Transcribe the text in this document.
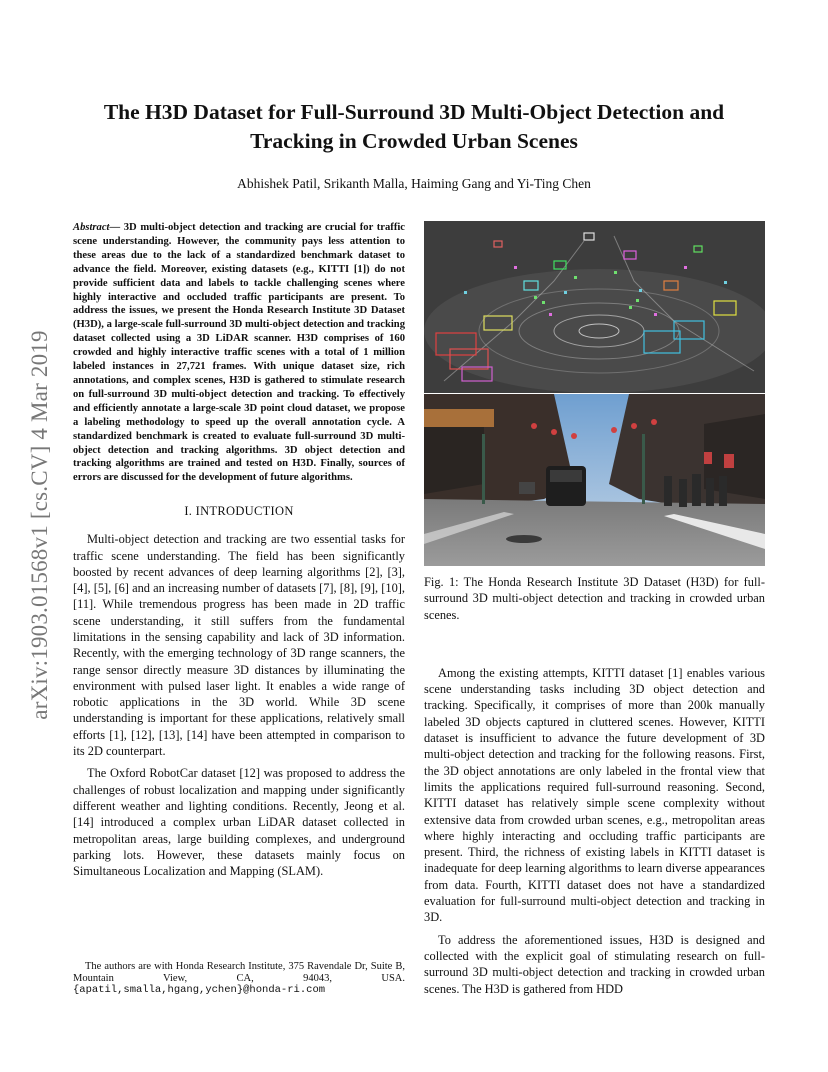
arXiv:1903.01568v1 [cs.CV] 4 Mar 2019
The H3D Dataset for Full-Surround 3D Multi-Object Detection and Tracking in Crowded Urban Scenes
Abhishek Patil, Srikanth Malla, Haiming Gang and Yi-Ting Chen

Abstract— 3D multi-object detection and tracking are crucial for traffic scene understanding. However, the community pays less attention to these areas due to the lack of a standardized benchmark dataset to advance the field. Moreover, existing datasets (e.g., KITTI [1]) do not provide sufficient data and labels to tackle challenging scenes where highly interactive and occluded traffic participants are present. To address the issues, we present the Honda Research Institute 3D Dataset (H3D), a large-scale full-surround 3D multi-object detection and tracking dataset collected using a 3D LiDAR scanner. H3D comprises of 160 crowded and highly interactive traffic scenes with a total of 1 million labeled instances in 27,721 frames. With unique dataset size, rich annotations, and complex scenes, H3D is gathered to stimulate research on full-surround 3D multi-object detection and tracking. To effectively and efficiently annotate a large-scale 3D point cloud dataset, we propose a labeling methodology to speed up the overall annotation cycle. A standardized benchmark is created to evaluate full-surround 3D multi-object detection and tracking algorithms. 3D object detection and tracking algorithms are trained and tested on H3D. Finally, sources of errors are discussed for the development of future algorithms.

I. INTRODUCTION

Multi-object detection and tracking are two essential tasks for traffic scene understanding. The field has been significantly boosted by recent advances of deep learning algorithms [2], [3], [4], [5], [6] and an increasing number of datasets [7], [8], [9], [10], [11]. While tremendous progress has been made in 2D traffic scene understanding, it still suffers from the fundamental limitations in the sensing capability and lack of 3D information. Recently, with the emerging technology of 3D range scanners, the range sensor directly measure 3D distances by illuminating the environment with pulsed laser light. It enables a wide range of robotic applications in the 3D world. While 3D scene understanding is important for these applications, relatively small efforts [1], [12], [13], [14] have been attempted in comparison to its 2D counterpart.

The Oxford RobotCar dataset [12] was proposed to address the challenges of robust localization and mapping under significantly different weather and lighting conditions. Recently, Jeong et al. [14] introduced a complex urban LiDAR dataset collected in metropolitan areas, large building complexes, and underground parking lots. However, these datasets mainly focus on Simultaneous Localization and Mapping (SLAM).

The authors are with Honda Research Institute, 375 Ravendale Dr, Suite B, Mountain View, CA, 94043, USA. {apatil,smalla,hgang,ychen}@honda-ri.com
Fig. 1: The Honda Research Institute 3D Dataset (H3D) for full-surround 3D multi-object detection and tracking in crowded urban scenes.

Among the existing attempts, KITTI dataset [1] enables various scene understanding tasks including 3D object detection and tracking. Specifically, it comprises of more than 200k manually labeled 3D objects captured in cluttered scenes. However, KITTI dataset is insufficient to advance the future development of 3D multi-object detection and tracking for the following reasons. First, the 3D object annotations are only labeled in the frontal view that limits the applications required full-surround reasoning. Second, KITTI dataset has relatively simple scene complexity without extensive data from crowded urban scenes, e.g., metropolitan areas where highly interacting and occluding traffic participants are present. Third, the richness of existing labels in KITTI dataset is inadequate for deep learning algorithms to learn diverse appearances from data. Fourth, KITTI dataset does not have a standardized evaluation for full-surround multi-object detection and tracking in 3D.

To address the aforementioned issues, H3D is designed and collected with the explicit goal of stimulating research on full-surround 3D multi-object detection and tracking in crowded urban scenes. The H3D is gathered from HDD
